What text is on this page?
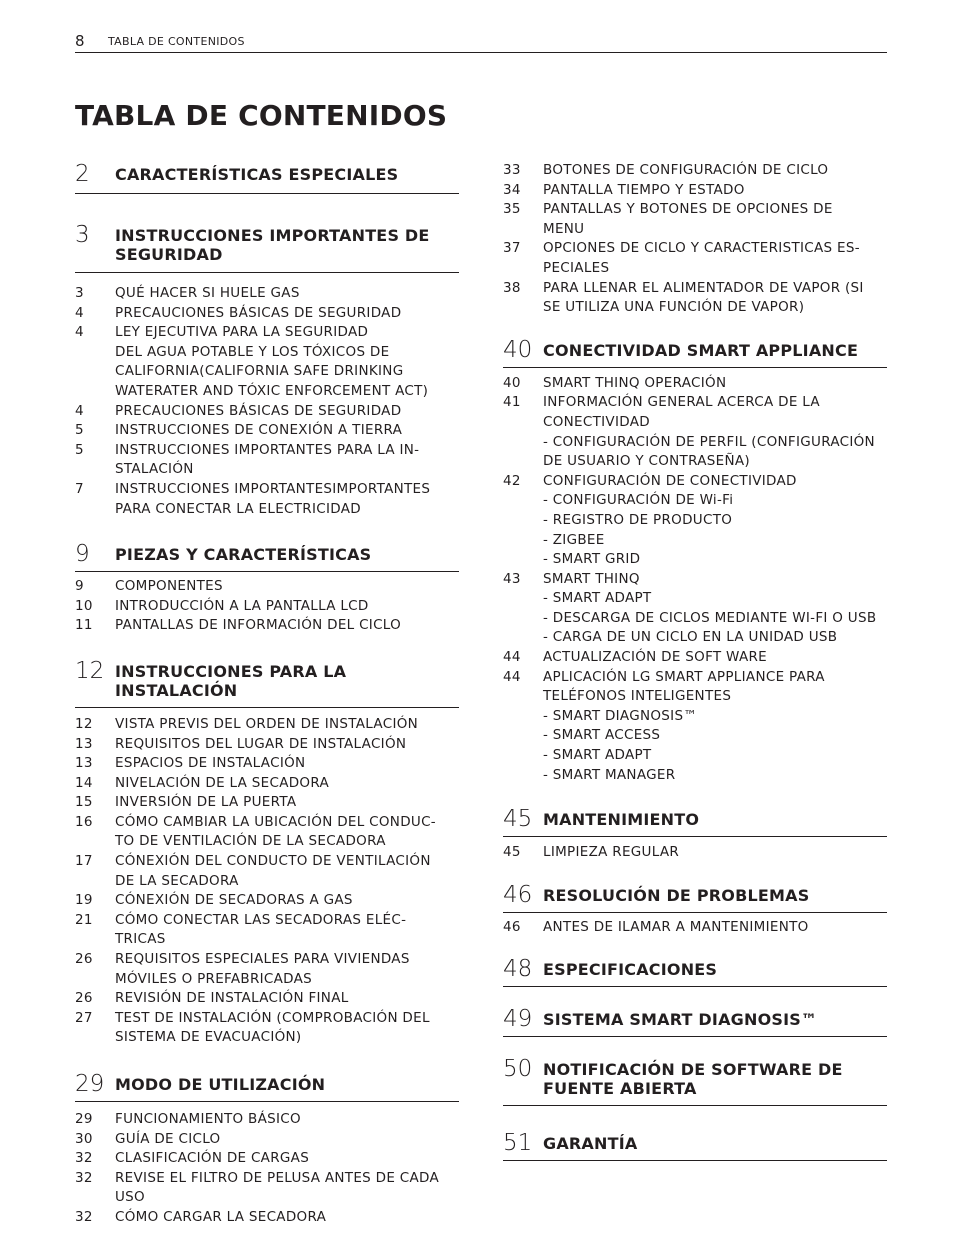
8 TABLA DE CONTENIDOS
TABLA DE CONTENIDOS
2 CARACTERÍSTICAS ESPECIALES
3 INSTRUCCIONES IMPORTANTES DE SEGURIDAD
3 QUÉ HACER SI HUELE GAS
4 PRECAUCIONES BÁSICAS DE SEGURIDAD
4 LEY EJECUTIVA PARA LA SEGURIDAD
DEL AGUA POTABLE Y LOS TÓXICOS DE
CALIFORNIA(CALIFORNIA SAFE DRINKING
WATERATER AND TÓXIC ENFORCEMENT ACT)
4 PRECAUCIONES BÁSICAS DE SEGURIDAD
5 INSTRUCCIONES DE CONEXIÓN A TIERRA
5 INSTRUCCIONES IMPORTANTES PARA LA IN-
STALACIÓN
7 INSTRUCCIONES IMPORTANTESIMPORTANTES
PARA CONECTAR LA ELECTRICIDAD
9 PIEZAS Y CARACTERÍSTICAS
9 COMPONENTES
10 INTRODUCCIÓN A LA PANTALLA LCD
11 PANTALLAS DE INFORMACIÓN DEL CICLO
12 INSTRUCCIONES PARA LA INSTALACIÓN
12 VISTA PREVIS DEL ORDEN DE INSTALACIÓN
13 REQUISITOS DEL LUGAR DE INSTALACIÓN
13 ESPACIOS DE INSTALACIÓN
14 NIVELACIÓN DE LA SECADORA
15 INVERSIÓN DE LA PUERTA
16 CÓMO CAMBIAR LA UBICACIÓN DEL CONDUC-
TO DE VENTILACIÓN DE LA SECADORA
17 CÓNEXIÓN DEL CONDUCTO DE VENTILACIÓN
DE LA SECADORA
19 CÓNEXIÓN DE SECADORAS A GAS
21 CÓMO CONECTAR LAS SECADORAS ELÉC-
TRICAS
26 REQUISITOS ESPECIALES PARA VIVIENDAS
MÓVILES O PREFABRICADAS
26 REVISIÓN DE INSTALACIÓN FINAL
27 TEST DE INSTALACIÓN (COMPROBACIÓN DEL
SISTEMA DE EVACUACIÓN)
29 MODO DE UTILIZACIÓN
29 FUNCIONAMIENTO BÁSICO
30 GUÍA DE CICLO
32 CLASIFICACIÓN DE CARGAS
32 REVISE EL FILTRO DE PELUSA ANTES DE CADA
USO
32 CÓMO CARGAR LA SECADORA
33 BOTONES DE CONFIGURACIÓN DE CICLO
34 PANTALLA TIEMPO Y ESTADO
35 PANTALLAS Y BOTONES DE OPCIONES DE
MENU
37 OPCIONES DE CICLO Y CARACTERISTICAS ES-
PECIALES
38 PARA LLENAR EL ALIMENTADOR DE VAPOR (SI
SE UTILIZA UNA FUNCIÓN DE VAPOR)
40 CONECTIVIDAD SMART APPLIANCE
40 SMART THINQ OPERACIÓN
41 INFORMACIÓN GENERAL ACERCA DE LA
CONECTIVIDAD
- CONFIGURACIÓN DE PERFIL (CONFIGURACIÓN
DE USUARIO Y CONTRASEÑA)
42 CONFIGURACIÓN DE CONECTIVIDAD
- CONFIGURACIÓN DE Wi-Fi
- REGISTRO DE PRODUCTO
- ZIGBEE
- SMART GRID
43 SMART THINQ
- SMART ADAPT
- DESCARGA DE CICLOS MEDIANTE WI-FI O USB
- CARGA DE UN CICLO EN LA UNIDAD USB
44 ACTUALIZACIÓN DE SOFT WARE
44 APLICACIÓN LG SMART APPLIANCE PARA
TELÉFONOS INTELIGENTES
- SMART DIAGNOSIS™
- SMART ACCESS
- SMART ADAPT
- SMART MANAGER
45 MANTENIMIENTO
45 LIMPIEZA REGULAR
46 RESOLUCIÓN DE PROBLEMAS
46 ANTES DE ILAMAR A MANTENIMIENTO
48 ESPECIFICACIONES
49 SISTEMA SMART DIAGNOSIS™
50 NOTIFICACIÓN DE SOFTWARE DE FUENTE ABIERTA
51 GARANTÍA
